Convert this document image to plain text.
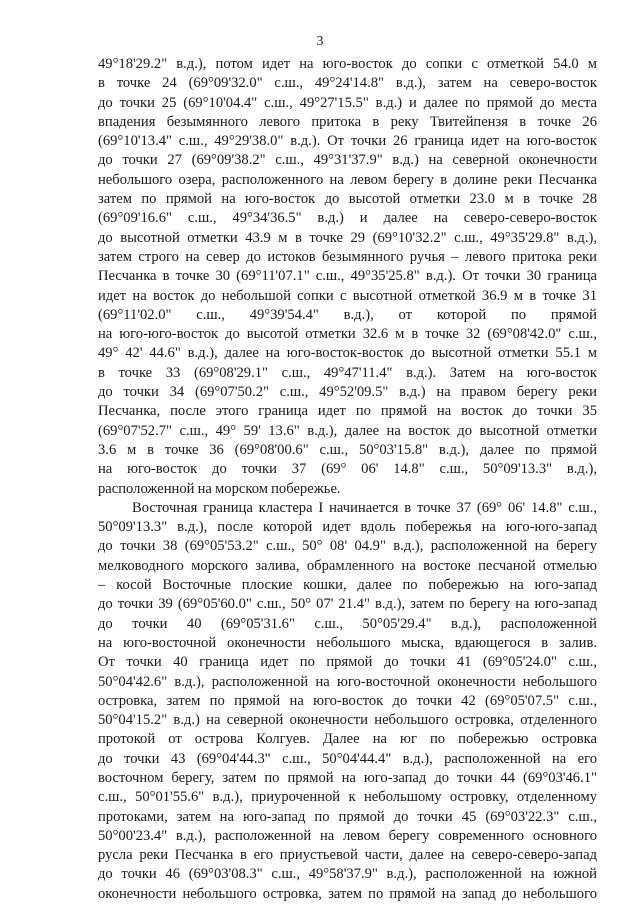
3
49°18'29.2" в.д.), потом идет на юго-восток до сопки с отметкой 54.0 м
в точке 24 (69°09'32.0" с.ш., 49°24'14.8" в.д.), затем на северо-восток
до точки 25 (69°10'04.4" с.ш., 49°27'15.5" в.д.) и далее по прямой до места
впадения безымянного левого притока в реку Твитейпензя в точке 26
(69°10'13.4" с.ш., 49°29'38.0" в.д.). От точки 26 граница идет на юго-восток
до точки 27 (69°09'38.2" с.ш., 49°31'37.9" в.д.) на северной оконечности
небольшого озера, расположенного на левом берегу в долине реки Песчанка
затем по прямой на юго-восток до высотой отметки 23.0 м в точке 28
(69°09'16.6" с.ш., 49°34'36.5" в.д.) и далее на северо-северо-восток
до высотной отметки 43.9 м в точке 29 (69°10'32.2" с.ш., 49°35'29.8" в.д.),
затем строго на север до истоков безымянного ручья – левого притока реки
Песчанка в точке 30 (69°11'07.1" с.ш., 49°35'25.8" в.д.). От точки 30 граница
идет на восток до небольшой сопки с высотной отметкой 36.9 м в точке 31
(69°11'02.0" с.ш., 49°39'54.4" в.д.), от которой по прямой
на юго-юго-восток до высотой отметки 32.6 м в точке 32 (69°08'42.0" с.ш.,
49° 42' 44.6" в.д.), далее на юго-восток-восток до высотной отметки 55.1 м
в точке 33 (69°08'29.1" с.ш., 49°47'11.4" в.д.). Затем на юго-восток
до точки 34 (69°07'50.2" с.ш., 49°52'09.5" в.д.) на правом берегу реки
Песчанка, после этого граница идет по прямой на восток до точки 35
(69°07'52.7" с.ш., 49° 59' 13.6" в.д.), далее на восток до высотной отметки
3.6 м в точке 36 (69°08'00.6" с.ш., 50°03'15.8" в.д.), далее по прямой
на юго-восток до точки 37 (69° 06' 14.8" с.ш., 50°09'13.3" в.д.),
расположенной на морском побережье.
Восточная граница кластера I начинается в точке 37 (69° 06' 14.8" с.ш.,
50°09'13.3" в.д.), после которой идет вдоль побережья на юго-юго-запад
до точки 38 (69°05'53.2" с.ш., 50° 08' 04.9" в.д.), расположенной на берегу
мелководного морского залива, обрамленного на востоке песчаной отмелью
– косой Восточные плоские кошки, далее по побережью на юго-запад
до точки 39 (69°05'60.0" с.ш., 50° 07' 21.4" в.д.), затем по берегу на юго-запад
до точки 40 (69°05'31.6" с.ш., 50°05'29.4" в.д.), расположенной
на юго-восточной оконечности небольшого мыска, вдающегося в залив.
От точки 40 граница идет по прямой до точки 41 (69°05'24.0" с.ш.,
50°04'42.6" в.д.), расположенной на юго-восточной оконечности небольшого
островка, затем по прямой на юго-восток до точки 42 (69°05'07.5" с.ш.,
50°04'15.2" в.д.) на северной оконечности небольшого островка, отделенного
протокой от острова Колгуев. Далее на юг по побережью островка
до точки 43 (69°04'44.3" с.ш., 50°04'44.4" в.д.), расположенной на его
восточном берегу, затем по прямой на юго-запад до точки 44 (69°03'46.1"
с.ш., 50°01'55.6" в.д.), приуроченной к небольшому островку, отделенному
протоками, затем на юго-запад по прямой до точки 45 (69°03'22.3" с.ш.,
50°00'23.4" в.д.), расположенной на левом берегу современного основного
русла реки Песчанка в его приустьевой части, далее на северо-северо-запад
до точки 46 (69°03'08.3" с.ш., 49°58'37.9" в.д.), расположенной на южной
оконечности небольшого островка, затем по прямой на запад до небольшого
